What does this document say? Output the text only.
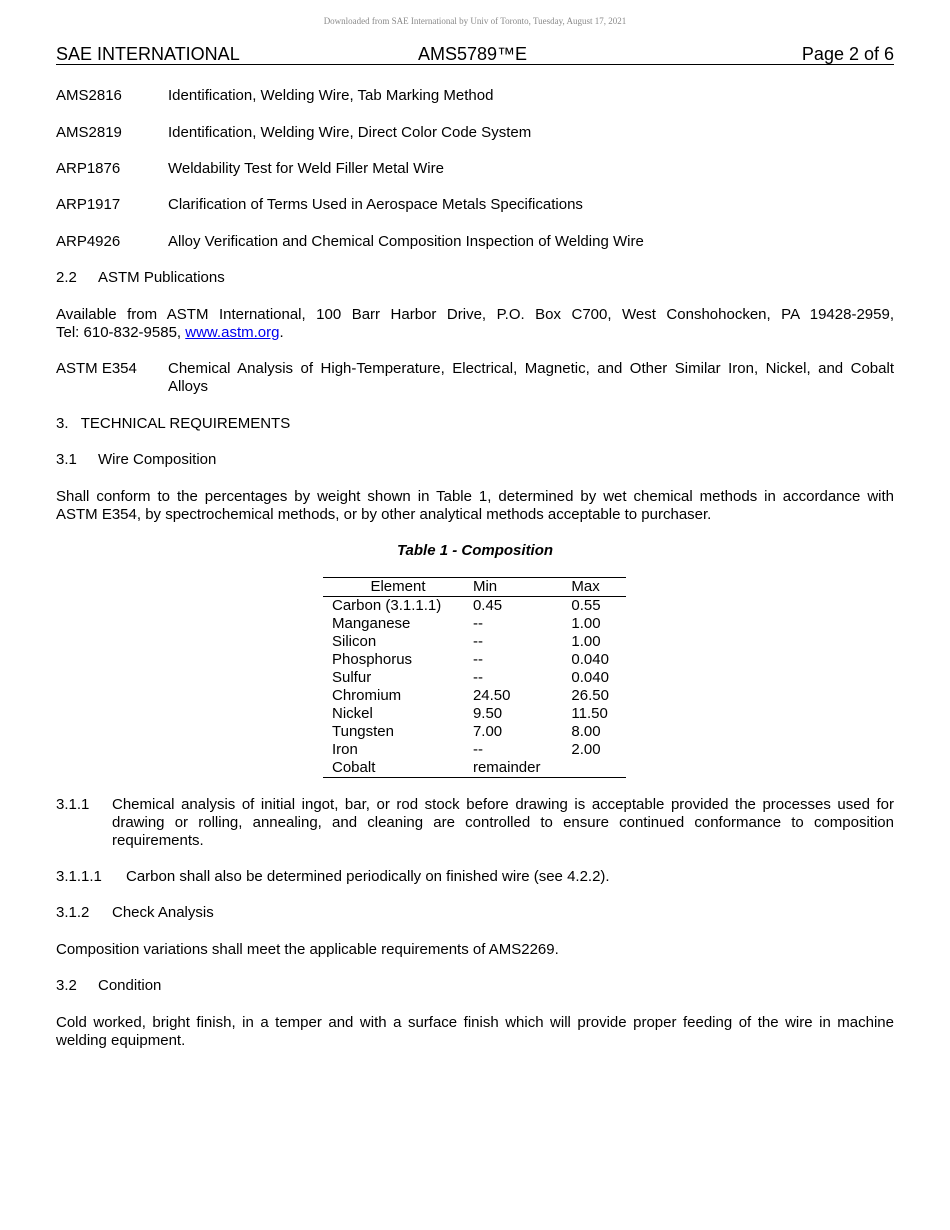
Downloaded from SAE International by Univ of Toronto, Tuesday, August 17, 2021
SAE INTERNATIONAL	AMS5789™E	Page 2 of 6
AMS2816	Identification, Welding Wire, Tab Marking Method
AMS2819	Identification, Welding Wire, Direct Color Code System
ARP1876	Weldability Test for Weld Filler Metal Wire
ARP1917	Clarification of Terms Used in Aerospace Metals Specifications
ARP4926	Alloy Verification and Chemical Composition Inspection of Welding Wire
2.2 ASTM Publications
Available from ASTM International, 100 Barr Harbor Drive, P.O. Box C700, West Conshohocken, PA 19428-2959,
Tel: 610-832-9585, www.astm.org.
ASTM E354 Chemical Analysis of High-Temperature, Electrical, Magnetic, and Other Similar Iron, Nickel, and Cobalt
Alloys
3.   TECHNICAL REQUIREMENTS
3.1 Wire Composition
Shall conform to the percentages by weight shown in Table 1, determined by wet chemical methods in accordance with
ASTM E354, by spectrochemical methods, or by other analytical methods acceptable to purchaser.
Table 1 - Composition
Element	Min	Max
Carbon (3.1.1.1)	0.45	0.55
Manganese	--	1.00
Silicon	--	1.00
Phosphorus	--	0.040
Sulfur	--	0.040
Chromium	24.50	26.50
Nickel	9.50	11.50
Tungsten	7.00	8.00
Iron	--	2.00
Cobalt	remainder	
3.1.1 Chemical analysis of initial ingot, bar, or rod stock before drawing is acceptable provided the processes used for
drawing or rolling, annealing, and cleaning are controlled to ensure continued conformance to composition
requirements.
3.1.1.1 Carbon shall also be determined periodically on finished wire (see 4.2.2).
3.1.2 Check Analysis
Composition variations shall meet the applicable requirements of AMS2269.
3.2 Condition
Cold worked, bright finish, in a temper and with a surface finish which will provide proper feeding of the wire in machine
welding equipment.
